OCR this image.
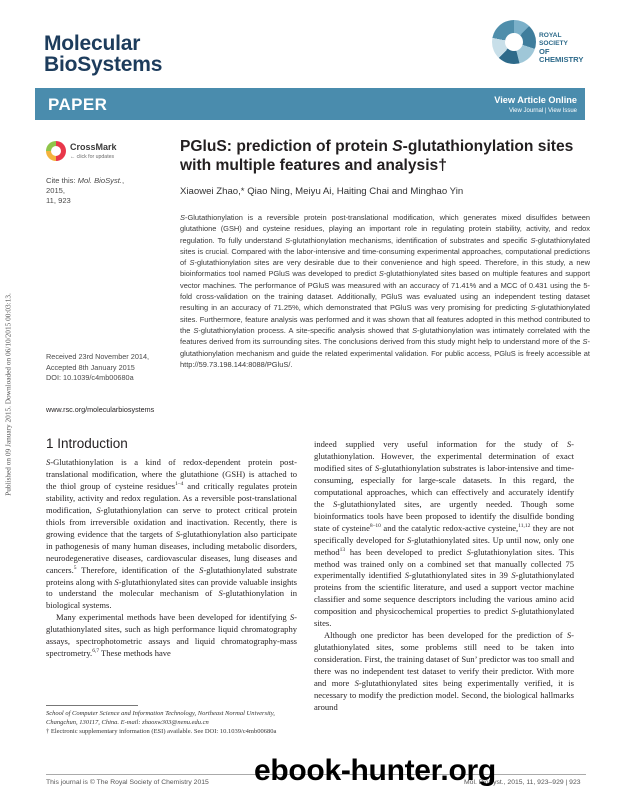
Molecular
BioSystems
ROYAL SOCIETY
OF CHEMISTRY
PAPER	View Article Online
View Journal | View Issue
CrossMark
← click for updates
Cite this: Mol. BioSyst., 2015,
11, 923
PGluS: prediction of protein S-glutathionylation sites with multiple features and analysis†
Xiaowei Zhao,* Qiao Ning, Meiyu Ai, Haiting Chai and Minghao Yin
S-Glutathionylation is a reversible protein post-translational modification, which generates mixed disulfides between glutathione (GSH) and cysteine residues, playing an important role in regulating protein stability, activity, and redox regulation. To fully understand S-glutathionylation mechanisms, identification of substrates and specific S-glutathionylated sites is crucial. Compared with the labor-intensive and time-consuming experimental approaches, computational predictions of S-glutathionylation sites are very desirable due to their convenience and high speed. Therefore, in this study, a new bioinformatics tool named PGluS was developed to predict S-glutathionylated sites based on multiple features and support vector machines. The performance of PGluS was measured with an accuracy of 71.41% and a MCC of 0.431 using the 5-fold cross-validation on the training dataset. Additionally, PGluS was evaluated using an independent testing dataset resulting in an accuracy of 71.25%, which demonstrated that PGluS was very promising for predicting S-glutathionylated sites. Furthermore, feature analysis was performed and it was shown that all features adopted in this method contributed to the S-glutathionylation process. A site-specific analysis showed that S-glutathionylation was intimately correlated with the features derived from its surrounding sites. The conclusions derived from this study might help to understand more of the S-glutathionylation mechanism and guide the related experimental validation. For public access, PGluS is freely accessible at http://59.73.198.144:8088/PGluS/.
Received 23rd November 2014,
Accepted 8th January 2015
DOI: 10.1039/c4mb00680a
www.rsc.org/molecularbiosystems
Published on 09 January 2015. Downloaded on 06/10/2015 00:03:13. 1 Introduction

S-Glutathionylation is a kind of redox-dependent protein post-translational modification, where the glutathione (GSH) is attached to the thiol group of cysteine residues$^{1-4}$ and critically regulates protein stability, activity and redox regulation. As a reversible post-translational modification, S-glutathionylation can serve to protect critical protein thiols from irreversible oxidation and inactivation. Recently, there is growing evidence that the targets of S-glutathionylation also participate in pathogenesis of many human diseases, including metabolic disorders, neurodegenerative diseases, cardiovascular diseases, lung diseases and cancers.$^5$ Therefore, identification of the S-glutathionylated substrate proteins along with S-glutathionylated sites can provide valuable insights to understand the molecular mechanism of S-glutathionylation in biological systems.

Many experimental methods have been developed for identifying S-glutathionylated sites, such as high performance liquid chromatography assays, spectrophotometric assays and liquid chromatography-mass spectrometry.$^{6,7}$ These methods have

indeed supplied very useful information for the study of S-glutathionylation. However, the experimental determination of exact modified sites of S-glutathionylation substrates is labor-intensive and time-consuming, especially for large-scale datasets. In this regard, the computational approaches, which can effectively and accurately identify the S-glutathionylated sites, are urgently needed. Though some bioinformatics tools have been proposed to identify the disulfide bonding state of cysteine$^{8-10}$ and the catalytic redox-active cysteine,$^{11,12}$ they are not specifically developed for S-glutathionylated sites. Up until now, only one method$^{13}$ has been developed to predict S-glutathionylation sites. This method was trained only on a combined set that manually collected 75 experimentally identified S-glutathionylated sites in 39 S-glutathionylated proteins from the scientific literature, and used a support vector machine classifier and some sequence descriptors including the various amino acid composition and physicochemical properties to predict S-glutathionylated sites.

Although one predictor has been developed for the prediction of S-glutathionylated sites, some problems still need to be taken into consideration. First, the training dataset of Sun’ predictor was too small and there was no independent test dataset to verify their predictor. With more and more S-glutathionylated sites being experimentally verified, it is necessary to modify the prediction model. Second, the biological hallmarks around

School of Computer Science and Information Technology, Northeast Normal University, Changchun, 130117, China. E-mail: zhaoxw303@nenu.edu.cn

† Electronic supplementary information (ESI) available. See DOI: 10.1039/c4mb00680a

This journal is © The Royal Society of Chemistry 2015	Mol. BioSyst., 2015, 11, 923–929 | 923
ebook-hunter.org
